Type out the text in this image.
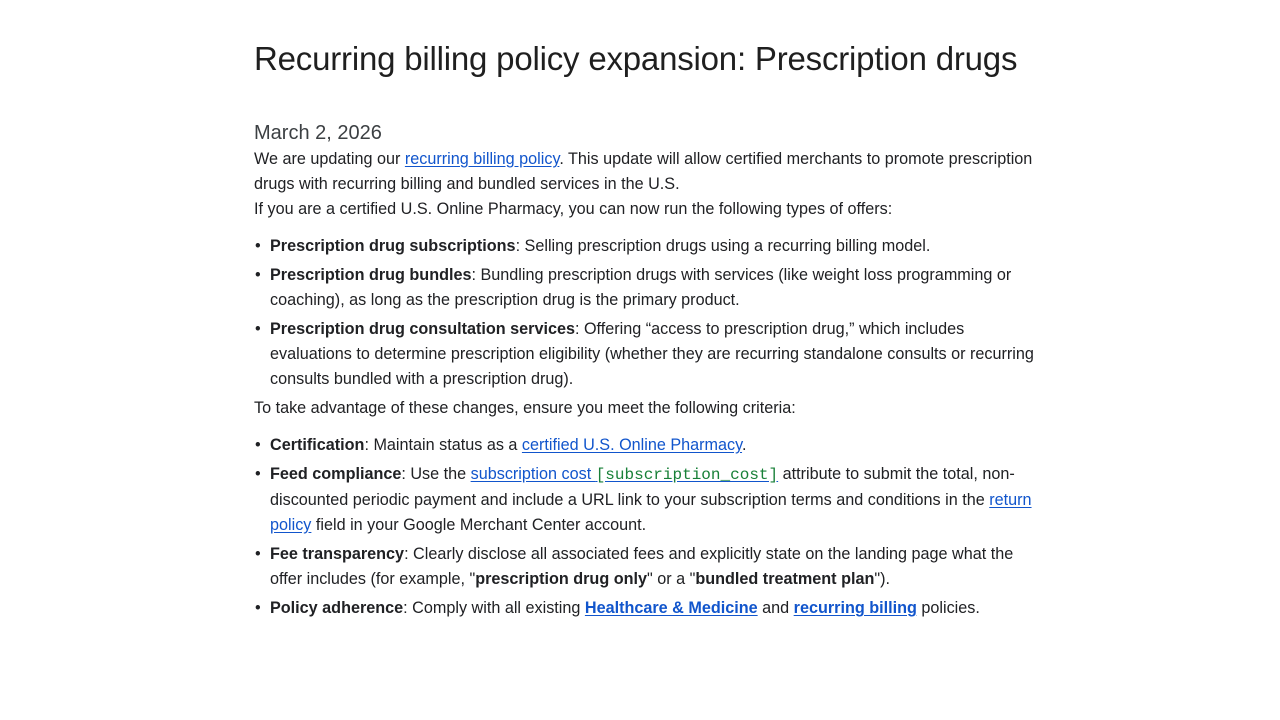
Recurring billing policy expansion: Prescription drugs
March 2, 2026

We are updating our recurring billing policy. This update will allow certified merchants to promote prescription drugs with recurring billing and bundled services in the U.S.

If you are a certified U.S. Online Pharmacy, you can now run the following types of offers:

• Prescription drug subscriptions: Selling prescription drugs using a recurring billing model.
• Prescription drug bundles: Bundling prescription drugs with services (like weight loss programming or coaching), as long as the prescription drug is the primary product.
• Prescription drug consultation services: Offering “access to prescription drug,” which includes evaluations to determine prescription eligibility (whether they are recurring standalone consults or recurring consults bundled with a prescription drug).

To take advantage of these changes, ensure you meet the following criteria:

• Certification: Maintain status as a certified U.S. Online Pharmacy.
• Feed compliance: Use the subscription cost [subscription_cost] attribute to submit the total, non-discounted periodic payment and include a URL link to your subscription terms and conditions in the return policy field in your Google Merchant Center account.
• Fee transparency: Clearly disclose all associated fees and explicitly state on the landing page what the offer includes (for example, "prescription drug only" or a "bundled treatment plan").
• Policy adherence: Comply with all existing Healthcare & Medicine and recurring billing policies.
